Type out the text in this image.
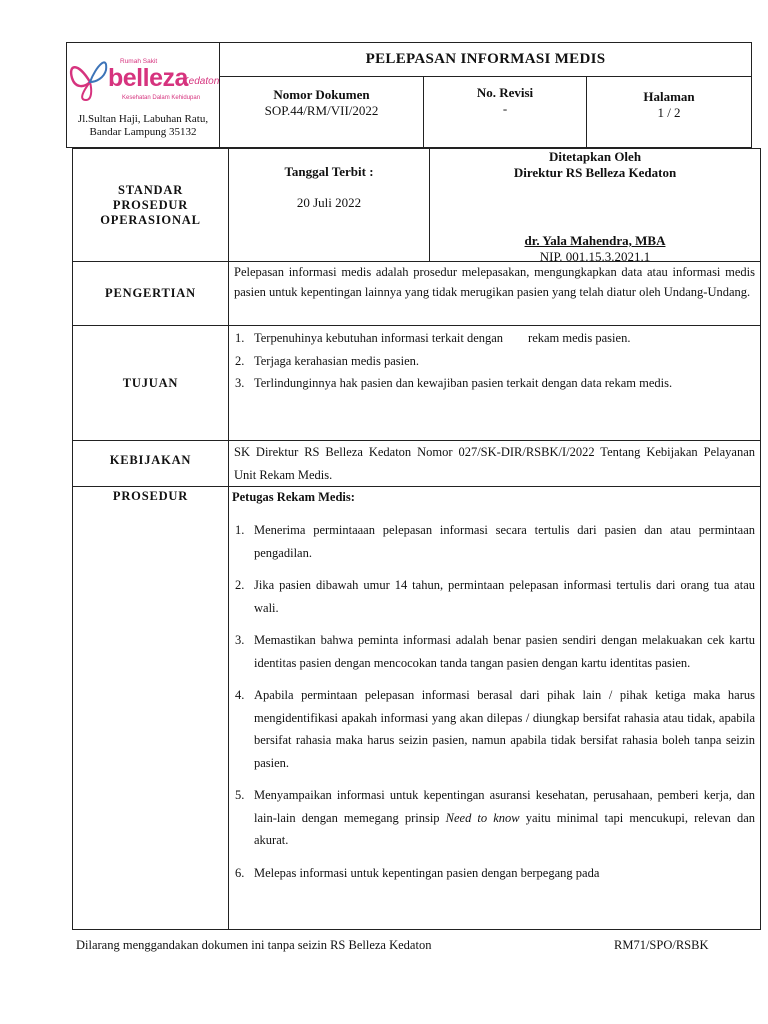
Rumah Sakit
belleza
Kedaton
Kesehatan Dalam Kehidupan
Jl.Sultan Haji, Labuhan Ratu,
Bandar Lampung 35132
PELEPASAN INFORMASI MEDIS
Nomor Dokumen
SOP.44/RM/VII/2022
No. Revisi
-
Halaman
1 / 2
STANDAR
PROSEDUR
OPERASIONAL
Tanggal Terbit :
20 Juli 2022
Ditetapkan Oleh
Direktur RS Belleza Kedaton
dr. Yala Mahendra, MBA
NIP. 001.15.3.2021.1
PENGERTIAN
Pelepasan informasi medis adalah prosedur melepasakan, mengungkapkan data atau informasi medis pasien untuk kepentingan lainnya yang tidak merugikan pasien yang telah diatur oleh Undang-Undang.
TUJUAN
1. Terpenuhinya kebutuhan informasi terkait dengan        rekam medis pasien.
2. Terjaga kerahasian medis pasien.
3. Terlindunginnya hak pasien dan kewajiban pasien terkait dengan data rekam medis.
KEBIJAKAN
SK Direktur RS Belleza Kedaton Nomor 027/SK-DIR/RSBK/I/2022 Tentang Kebijakan Pelayanan Unit Rekam Medis.
PROSEDUR	Petugas Rekam Medis:
1. Menerima permintaaan pelepasan informasi secara tertulis dari pasien dan atau permintaan pengadilan.
2. Jika pasien dibawah umur 14 tahun, permintaan pelepasan informasi tertulis dari orang tua atau wali.
3. Memastikan bahwa peminta informasi adalah benar pasien sendiri dengan melakuakan cek kartu identitas pasien dengan mencocokan tanda tangan pasien dengan kartu identitas pasien.
4. Apabila permintaan pelepasan informasi berasal dari pihak lain / pihak ketiga maka harus mengidentifikasi apakah informasi yang akan dilepas / diungkap bersifat rahasia atau tidak, apabila bersifat rahasia maka harus seizin pasien, namun apabila tidak bersifat rahasia boleh tanpa seizin pasien.
5. Menyampaikan informasi untuk kepentingan asuransi kesehatan, perusahaan, pemberi kerja, dan lain-lain dengan memegang prinsip Need to know yaitu minimal tapi mencukupi, relevan dan akurat.
6. Melepas informasi untuk kepentingan pasien dengan berpegang pada
Dilarang menggandakan dokumen ini tanpa seizin RS Belleza Kedaton	RM71/SPO/RSBK
